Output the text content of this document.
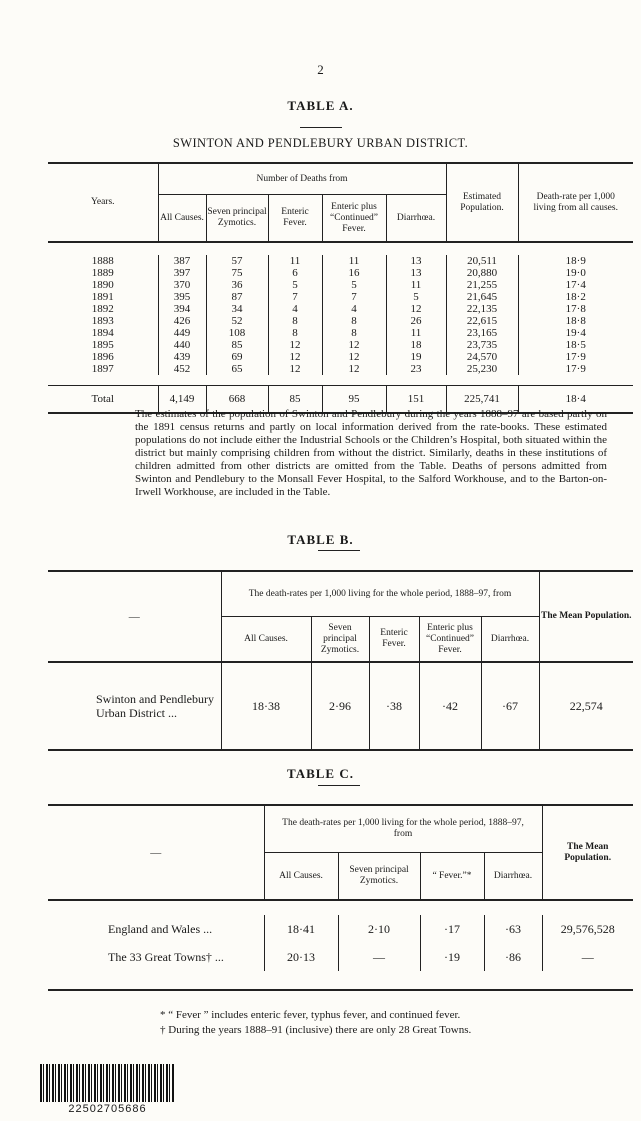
2
TABLE A.
SWINTON AND PENDLEBURY URBAN DISTRICT.
Years.	Number of Deaths from					Estimated Population.	Death-rate per 1,000 living from all causes.
	All Causes.	Seven principal Zymotics.	Enteric Fever.	Enteric plus “Continued” Fever.	Diarrhœa.		

1888	387	57	11	11	13	20,511	18·9
1889	397	75	6	16	13	20,880	19·0
1890	370	36	5	5	11	21,255	17·4
1891	395	87	7	7	5	21,645	18·2
1892	394	34	4	4	12	22,135	17·8
1893	426	52	8	8	26	22,615	18·8
1894	449	108	8	8	11	23,165	19·4
1895	440	85	12	12	18	23,735	18·5
1896	439	69	12	12	19	24,570	17·9
1897	452	65	12	12	23	25,230	17·9

Total	4,149	668	85	95	151	225,741	18·4
The estimates of the population of Swinton and Pendlebury during the years 1888–97 are based partly on the 1891 census returns and partly on local information derived from the rate-books. These estimated populations do not include either the Industrial Schools or the Children’s Hospital, both situated within the district but mainly comprising children from without the district. Similarly, deaths in these institutions of children admitted from other districts are omitted from the Table. Deaths of persons admitted from Swinton and Pendlebury to the Monsall Fever Hospital, to the Salford Workhouse, and to the Barton-on-Irwell Workhouse, are included in the Table.
TABLE B.
—	The death-rates per 1,000 living for the whole period, 1888–97, from					The Mean Population.
	All Causes.	Seven principal Zymotics.	Enteric Fever.	Enteric plus “Continued” Fever.	Diarrhœa.	
Swinton and Pendlebury Urban District ...	18·38	2·96	·38	·42	·67	22,574
TABLE C.
—	The death-rates per 1,000 living for the whole period, 1888–97, from				The Mean Population.
	All Causes.	Seven principal Zymotics.	“ Fever.”*	Diarrhœa.	

England and Wales ...	18·41	2·10	·17	·63	29,576,528
The 33 Great Towns† ...	20·13	—	·19	·86	—

* “ Fever ” includes enteric fever, typhus fever, and continued fever.
† During the years 1888–91 (inclusive) there are only 28 Great Towns.
22502705686
